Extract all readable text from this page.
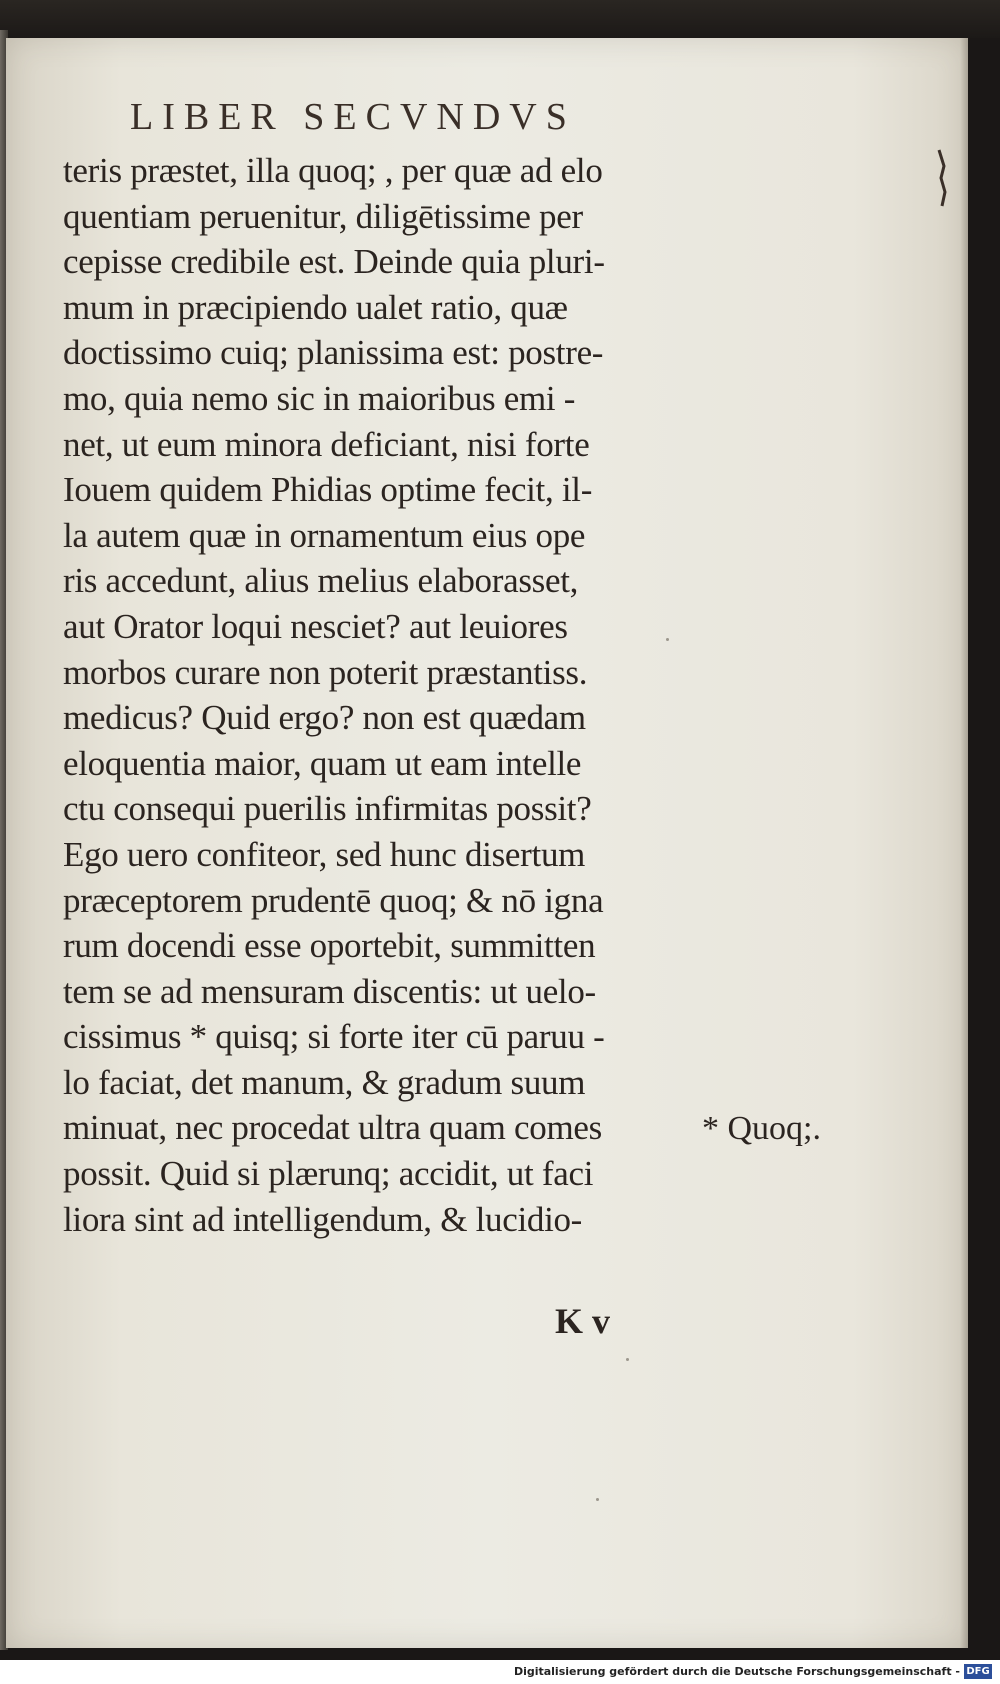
LIBER SECVNDVS
teris præstet, illa quoq; , per quæ ad elo
quentiam peruenitur, diligētissime per
cepisse credibile est. Deinde quia pluri-
mum in præcipiendo ualet ratio, quæ
doctissimo cuiq; planissima est: postre-
mo, quia nemo sic in maioribus emi -
net, ut eum minora deficiant, nisi forte
Iouem quidem Phidias optime fecit, il-
la autem quæ in ornamentum eius ope
ris accedunt, alius melius elaborasset,
aut Orator loqui nesciet? aut leuiores
morbos curare non poterit præstantiss.
medicus? Quid ergo? non est quædam
eloquentia maior, quam ut eam intelle
ctu consequi puerilis infirmitas possit?
Ego uero confiteor, sed hunc disertum
præceptorem prudentē quoq; & nō igna
rum docendi esse oportebit, summitten
tem se ad mensuram discentis: ut uelo-
cissimus * quisq; si forte iter cū paruu -
lo faciat, det manum, & gradum suum
minuat, nec procedat ultra quam comes
possit. Quid si plærunq; accidit, ut faci
liora sint ad intelligendum, & lucidio-
* Quoq;.
K v
Digitalisierung gefördert durch die Deutsche Forschungsgemeinschaft - DFG
